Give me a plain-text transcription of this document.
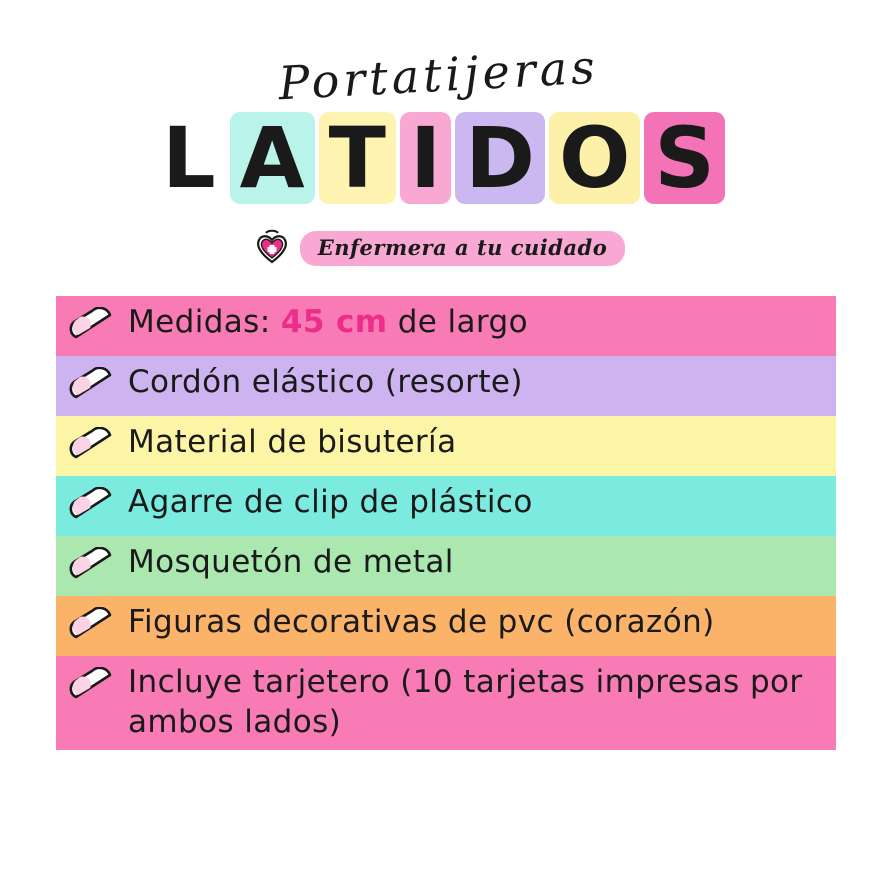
Portatijeras
L A T I D O S
Enfermera a tu cuidado
Medidas: 45 cm de largo
Cordón elástico (resorte)
Material de bisutería
Agarre de clip de plástico
Mosquetón de metal
Figuras decorativas de pvc (corazón)
Incluye tarjetero (10 tarjetas impresas por ambos lados)
